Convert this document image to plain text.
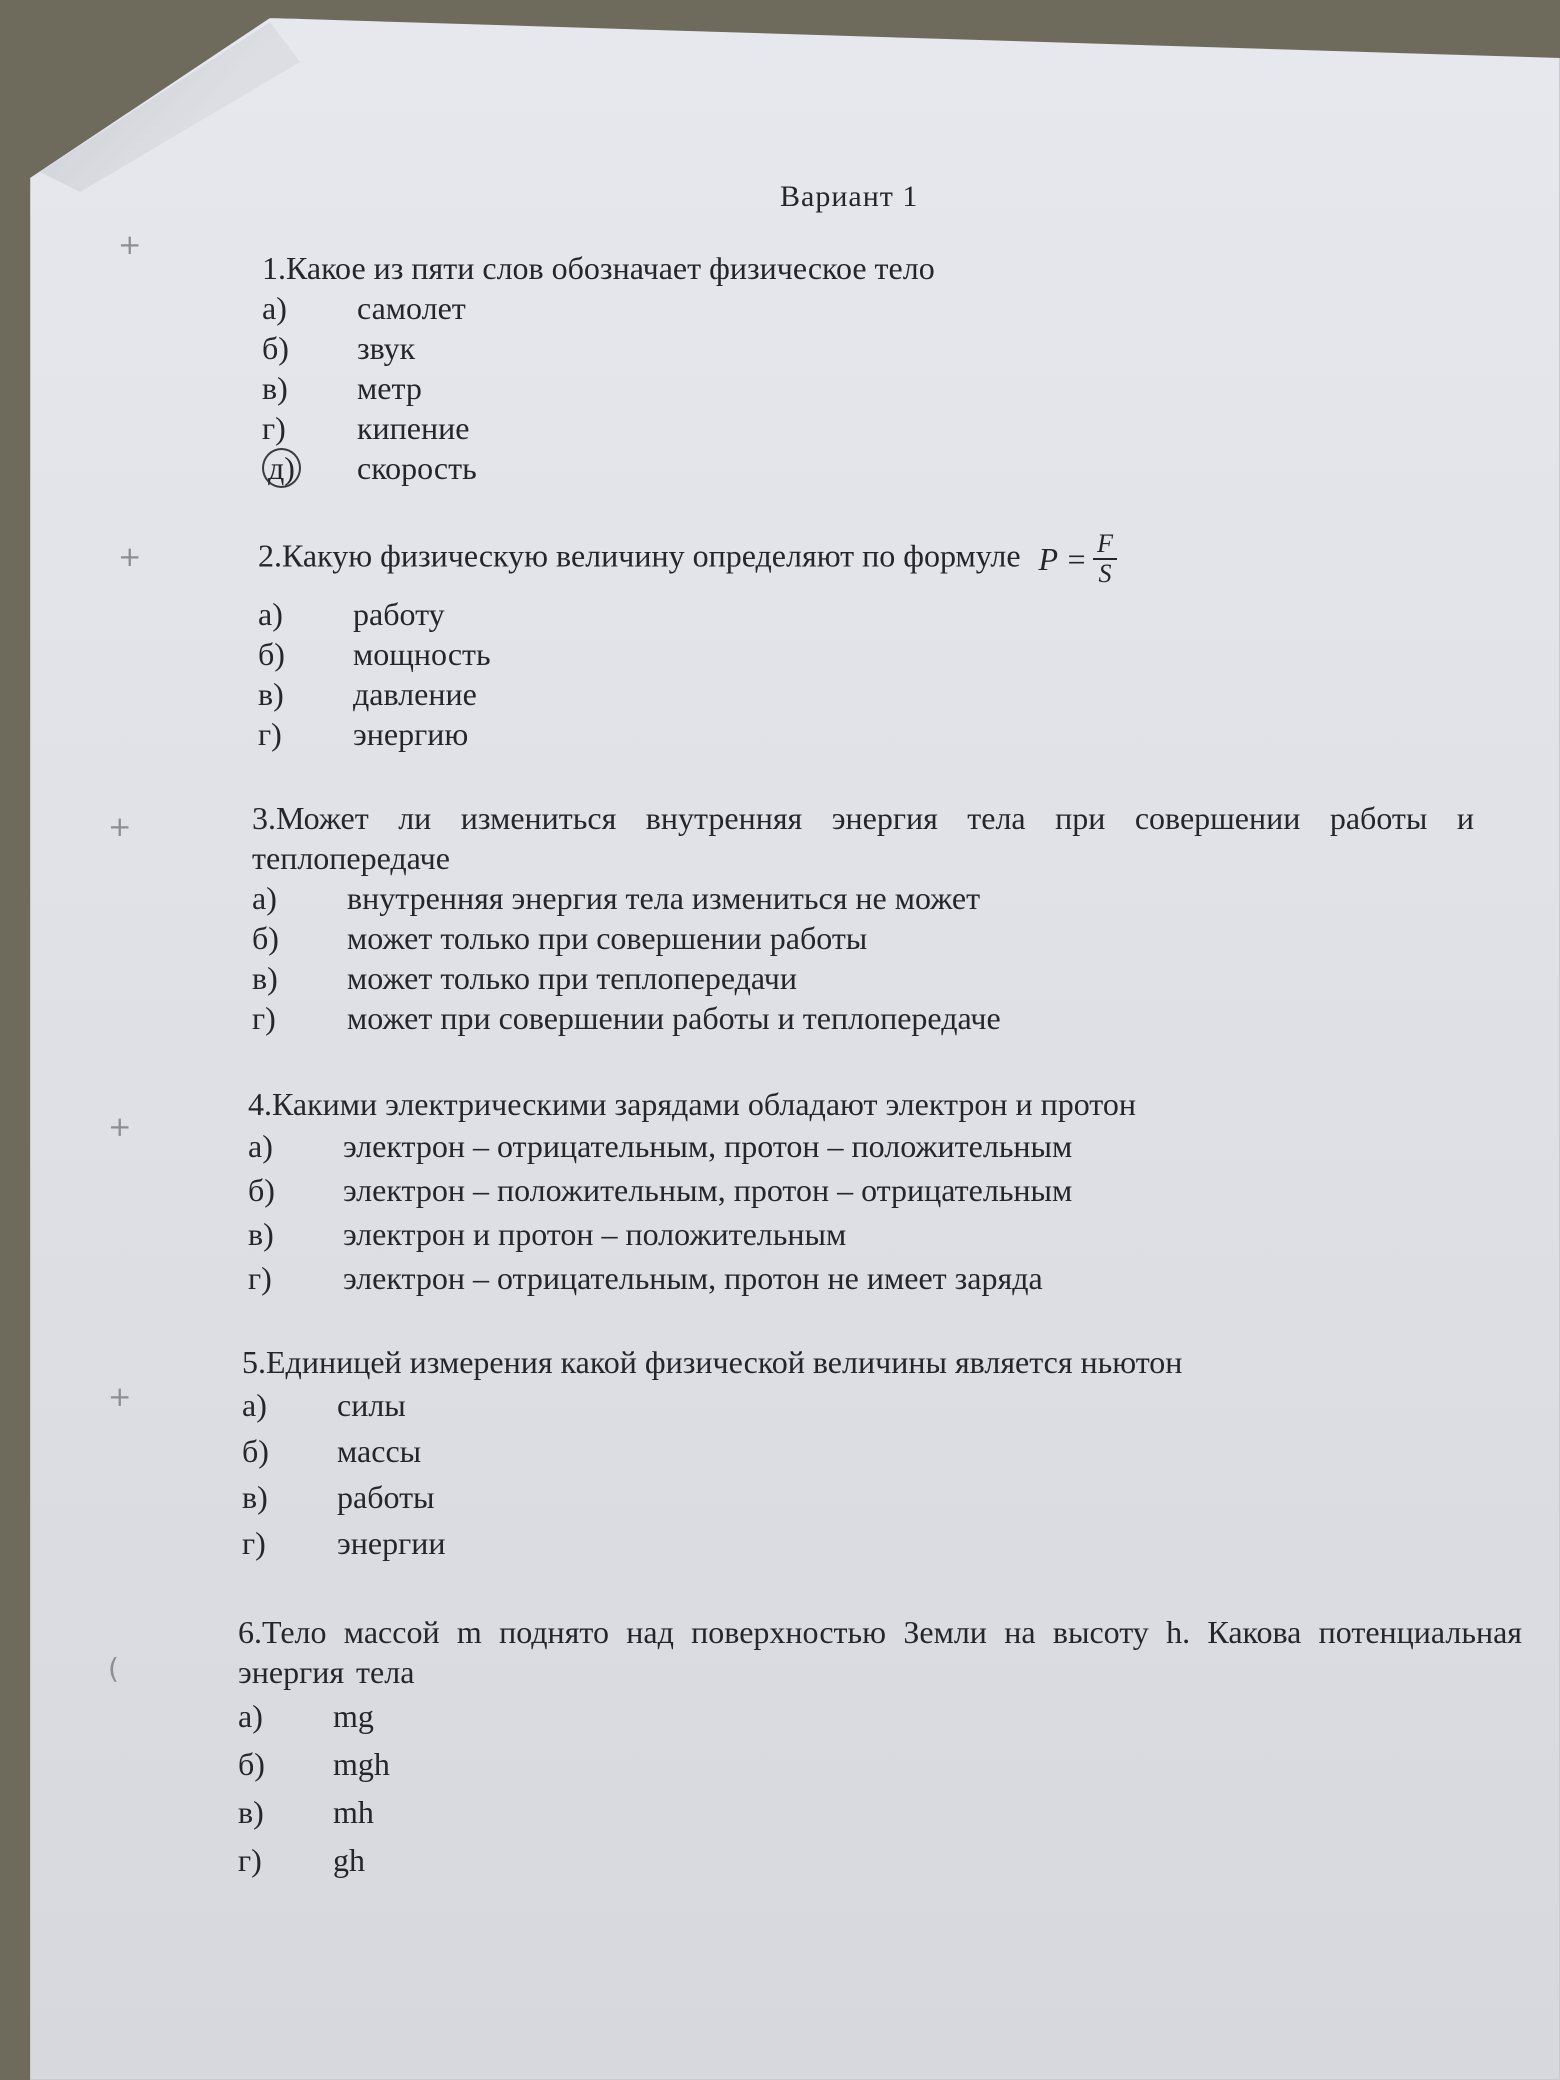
Вариант 1
+
+
+
+
+
(
1.Какое из пяти слов обозначает физическое тело
а)	самолет
б)	звук
в)	метр
г)	кипение
д)	скорость
2.Какую физическую величину определяют по формуле $P = \frac{F}{S}$
а)	работу
б)	мощность
в)	давление
г)	энергию
3.Может ли измениться внутренняя энергия тела при совершении работы и теплопередаче
а)	внутренняя энергия тела измениться не может
б)	может только при совершении работы
в)	может только при теплопередачи
г)	может при совершении работы и теплопередаче
4.Какими электрическими зарядами обладают электрон и протон
а)	электрон – отрицательным, протон – положительным
б)	электрон – положительным, протон – отрицательным
в)	электрон и протон – положительным
г)	электрон – отрицательным, протон не имеет заряда
5.Единицей измерения какой физической величины является ньютон
а)	силы
б)	массы
в)	работы
г)	энергии
6.Тело массой m поднято над поверхностью Земли на высоту h. Какова потенциальная энергия тела
а)	mg
б)	mgh
в)	mh
г)	gh
